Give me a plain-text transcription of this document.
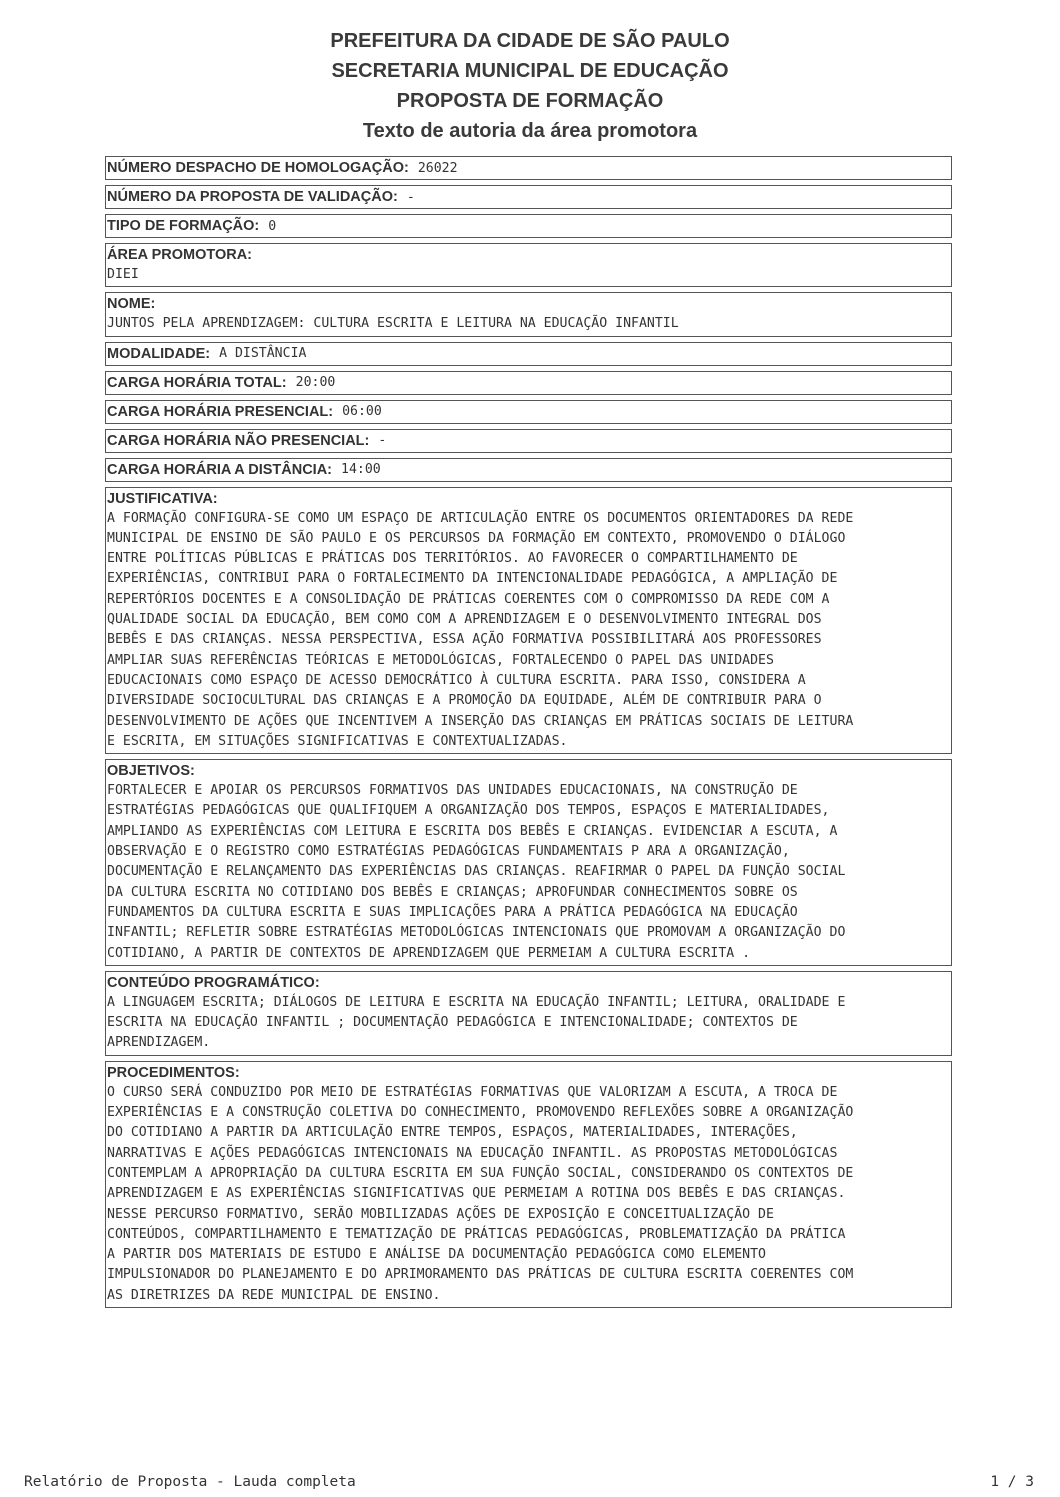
PREFEITURA DA CIDADE DE SÃO PAULO
SECRETARIA MUNICIPAL DE EDUCAÇÃO
PROPOSTA DE FORMAÇÃO
Texto de autoria da área promotora
NÚMERO DESPACHO DE HOMOLOGAÇÃO: 26022
NÚMERO DA PROPOSTA DE VALIDAÇÃO: -
TIPO DE FORMAÇÃO: 0
ÁREA PROMOTORA:
DIEI
NOME:
JUNTOS PELA APRENDIZAGEM: CULTURA ESCRITA E LEITURA NA EDUCAÇÃO INFANTIL
MODALIDADE: A DISTÂNCIA
CARGA HORÁRIA TOTAL: 20:00
CARGA HORÁRIA PRESENCIAL: 06:00
CARGA HORÁRIA NÃO PRESENCIAL: -
CARGA HORÁRIA A DISTÂNCIA: 14:00
JUSTIFICATIVA:
A FORMAÇÃO CONFIGURA-SE COMO UM ESPAÇO DE ARTICULAÇÃO ENTRE OS DOCUMENTOS ORIENTADORES DA REDE
MUNICIPAL DE ENSINO DE SÃO PAULO E OS PERCURSOS DA FORMAÇÃO EM CONTEXTO, PROMOVENDO O DIÁLOGO
ENTRE POLÍTICAS PÚBLICAS E PRÁTICAS DOS TERRITÓRIOS. AO FAVORECER O COMPARTILHAMENTO DE
EXPERIÊNCIAS, CONTRIBUI PARA O FORTALECIMENTO DA INTENCIONALIDADE PEDAGÓGICA, A AMPLIAÇÃO DE
REPERTÓRIOS DOCENTES E A CONSOLIDAÇÃO DE PRÁTICAS COERENTES COM O COMPROMISSO DA REDE COM A
QUALIDADE SOCIAL DA EDUCAÇÃO, BEM COMO COM A APRENDIZAGEM E O DESENVOLVIMENTO INTEGRAL DOS
BEBÊS E DAS CRIANÇAS. NESSA PERSPECTIVA, ESSA AÇÃO FORMATIVA POSSIBILITARÁ AOS PROFESSORES
AMPLIAR SUAS REFERÊNCIAS TEÓRICAS E METODOLÓGICAS, FORTALECENDO O PAPEL DAS UNIDADES
EDUCACIONAIS COMO ESPAÇO DE ACESSO DEMOCRÁTICO À CULTURA ESCRITA. PARA ISSO, CONSIDERA A
DIVERSIDADE SOCIOCULTURAL DAS CRIANÇAS E A PROMOÇÃO DA EQUIDADE, ALÉM DE CONTRIBUIR PARA O
DESENVOLVIMENTO DE AÇÕES QUE INCENTIVEM A INSERÇÃO DAS CRIANÇAS EM PRÁTICAS SOCIAIS DE LEITURA
E ESCRITA, EM SITUAÇÕES SIGNIFICATIVAS E CONTEXTUALIZADAS.
OBJETIVOS:
FORTALECER E APOIAR OS PERCURSOS FORMATIVOS DAS UNIDADES EDUCACIONAIS, NA CONSTRUÇÃO DE
ESTRATÉGIAS PEDAGÓGICAS QUE QUALIFIQUEM A ORGANIZAÇÃO DOS TEMPOS, ESPAÇOS E MATERIALIDADES,
AMPLIANDO AS EXPERIÊNCIAS COM LEITURA E ESCRITA DOS BEBÊS E CRIANÇAS. EVIDENCIAR A ESCUTA, A
OBSERVAÇÃO E O REGISTRO COMO ESTRATÉGIAS PEDAGÓGICAS FUNDAMENTAIS P ARA A ORGANIZAÇÃO,
DOCUMENTAÇÃO E RELANÇAMENTO DAS EXPERIÊNCIAS DAS CRIANÇAS. REAFIRMAR O PAPEL DA FUNÇÃO SOCIAL
DA CULTURA ESCRITA NO COTIDIANO DOS BEBÊS E CRIANÇAS; APROFUNDAR CONHECIMENTOS SOBRE OS
FUNDAMENTOS DA CULTURA ESCRITA E SUAS IMPLICAÇÕES PARA A PRÁTICA PEDAGÓGICA NA EDUCAÇÃO
INFANTIL; REFLETIR SOBRE ESTRATÉGIAS METODOLÓGICAS INTENCIONAIS QUE PROMOVAM A ORGANIZAÇÃO DO
COTIDIANO, A PARTIR DE CONTEXTOS DE APRENDIZAGEM QUE PERMEIAM A CULTURA ESCRITA .
CONTEÚDO PROGRAMÁTICO:
A LINGUAGEM ESCRITA; DIÁLOGOS DE LEITURA E ESCRITA NA EDUCAÇÃO INFANTIL; LEITURA, ORALIDADE E
ESCRITA NA EDUCAÇÃO INFANTIL ; DOCUMENTAÇÃO PEDAGÓGICA E INTENCIONALIDADE; CONTEXTOS DE
APRENDIZAGEM.
PROCEDIMENTOS:
O CURSO SERÁ CONDUZIDO POR MEIO DE ESTRATÉGIAS FORMATIVAS QUE VALORIZAM A ESCUTA, A TROCA DE
EXPERIÊNCIAS E A CONSTRUÇÃO COLETIVA DO CONHECIMENTO, PROMOVENDO REFLEXÕES SOBRE A ORGANIZAÇÃO
DO COTIDIANO A PARTIR DA ARTICULAÇÃO ENTRE TEMPOS, ESPAÇOS, MATERIALIDADES, INTERAÇÕES,
NARRATIVAS E AÇÕES PEDAGÓGICAS INTENCIONAIS NA EDUCAÇÃO INFANTIL. AS PROPOSTAS METODOLÓGICAS
CONTEMPLAM A APROPRIAÇÃO DA CULTURA ESCRITA EM SUA FUNÇÃO SOCIAL, CONSIDERANDO OS CONTEXTOS DE
APRENDIZAGEM E AS EXPERIÊNCIAS SIGNIFICATIVAS QUE PERMEIAM A ROTINA DOS BEBÊS E DAS CRIANÇAS.
NESSE PERCURSO FORMATIVO, SERÃO MOBILIZADAS AÇÕES DE EXPOSIÇÃO E CONCEITUALIZAÇÃO DE
CONTEÚDOS, COMPARTILHAMENTO E TEMATIZAÇÃO DE PRÁTICAS PEDAGÓGICAS, PROBLEMATIZAÇÃO DA PRÁTICA
A PARTIR DOS MATERIAIS DE ESTUDO E ANÁLISE DA DOCUMENTAÇÃO PEDAGÓGICA COMO ELEMENTO
IMPULSIONADOR DO PLANEJAMENTO E DO APRIMORAMENTO DAS PRÁTICAS DE CULTURA ESCRITA COERENTES COM
AS DIRETRIZES DA REDE MUNICIPAL DE ENSINO.
Relatório de Proposta - Lauda completa	1 / 3
